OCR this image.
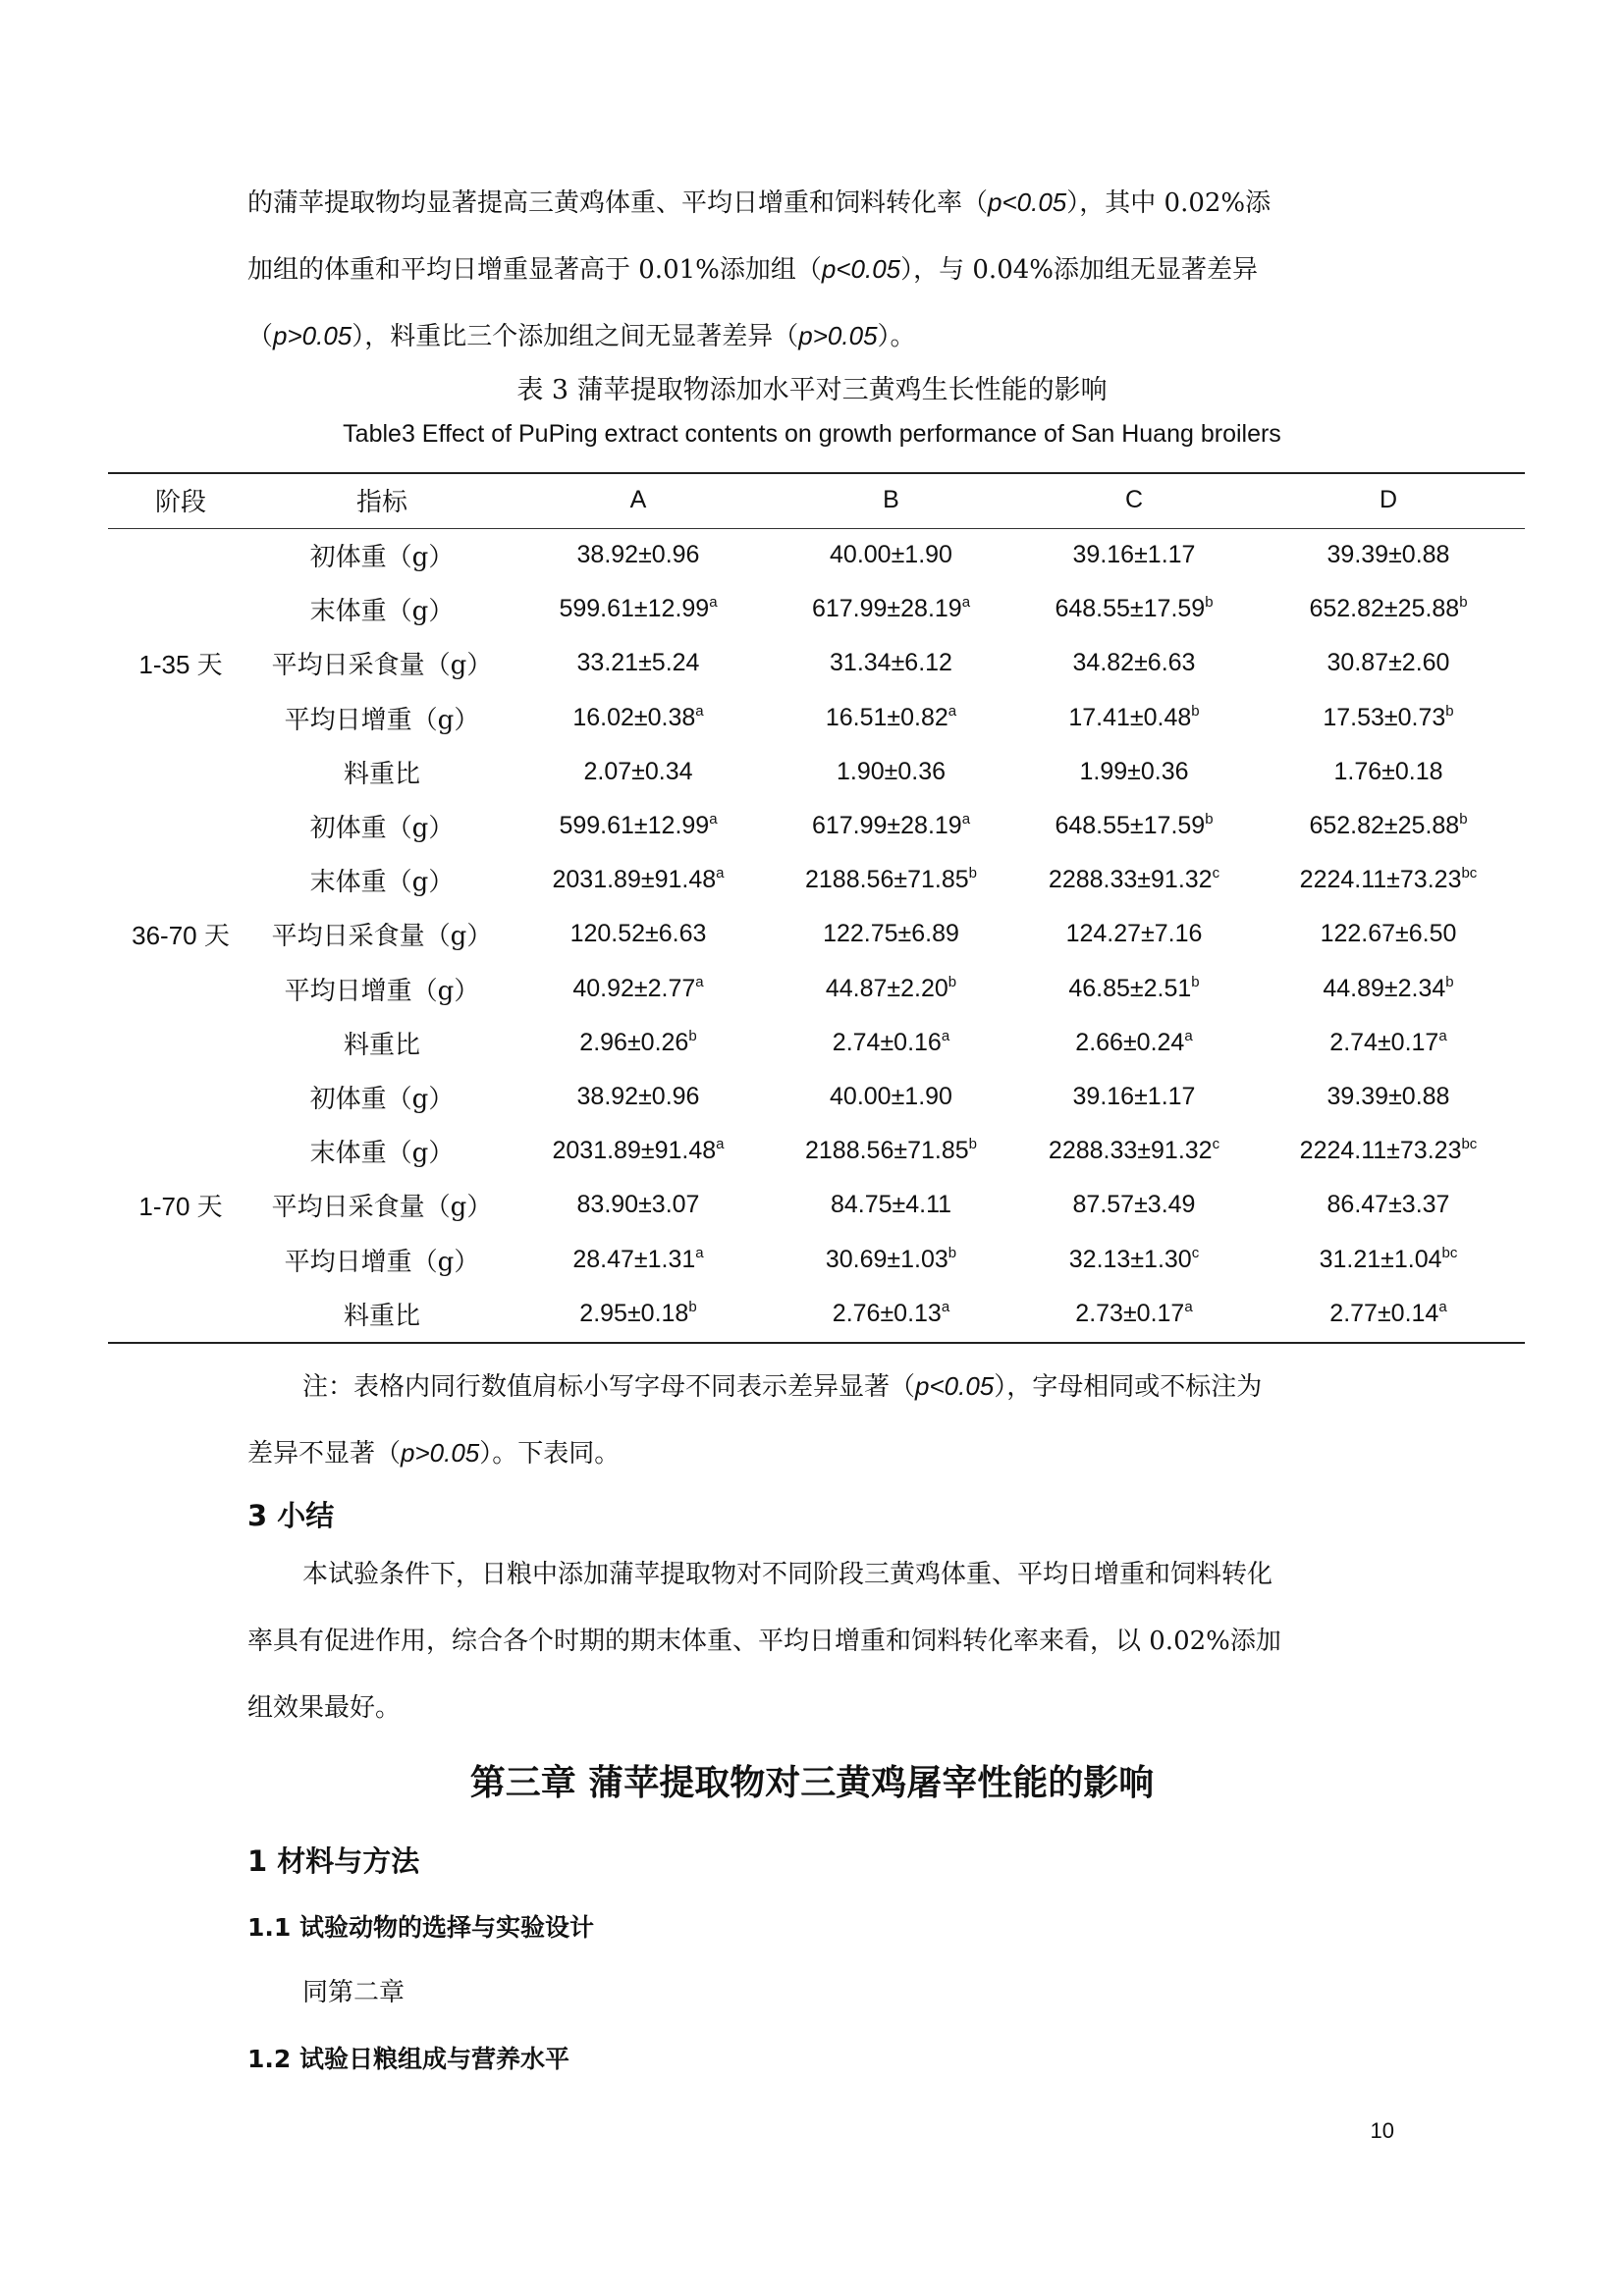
的蒲苹提取物均显著提高三黄鸡体重、平均日增重和饲料转化率（p<0.05），其中 0.02%添

加组的体重和平均日增重显著高于 0.01%添加组（p<0.05），与 0.04%添加组无显著差异

（p>0.05），料重比三个添加组之间无显著差异（p>0.05）。

表 3 蒲苹提取物添加水平对三黄鸡生长性能的影响
Table3 Effect of PuPing extract contents on growth performance of San Huang broilers
阶段	指标	A	B	C	D
1-35 天	初体重（g）	38.92±0.96	40.00±1.90	39.16±1.17	39.39±0.88
	末体重（g）	599.61±12.99$^a$	617.99±28.19$^a$	648.55±17.59$^b$	652.82±25.88$^b$
	平均日采食量（g）	33.21±5.24	31.34±6.12	34.82±6.63	30.87±2.60
	平均日增重（g）	16.02±0.38$^a$	16.51±0.82$^a$	17.41±0.48$^b$	17.53±0.73$^b$
	料重比	2.07±0.34	1.90±0.36	1.99±0.36	1.76±0.18
36-70 天	初体重（g）	599.61±12.99$^a$	617.99±28.19$^a$	648.55±17.59$^b$	652.82±25.88$^b$
	末体重（g）	2031.89±91.48$^a$	2188.56±71.85$^b$	2288.33±91.32$^c$	2224.11±73.23$^{bc}$
	平均日采食量（g）	120.52±6.63	122.75±6.89	124.27±7.16	122.67±6.50
	平均日增重（g）	40.92±2.77$^a$	44.87±2.20$^b$	46.85±2.51$^b$	44.89±2.34$^b$
	料重比	2.96±0.26$^b$	2.74±0.16$^a$	2.66±0.24$^a$	2.74±0.17$^a$
1-70 天	初体重（g）	38.92±0.96	40.00±1.90	39.16±1.17	39.39±0.88
	末体重（g）	2031.89±91.48$^a$	2188.56±71.85$^b$	2288.33±91.32$^c$	2224.11±73.23$^{bc}$
	平均日采食量（g）	83.90±3.07	84.75±4.11	87.57±3.49	86.47±3.37
	平均日增重（g）	28.47±1.31$^a$	30.69±1.03$^b$	32.13±1.30$^c$	31.21±1.04$^{bc}$
	料重比	2.95±0.18$^b$	2.76±0.13$^a$	2.73±0.17$^a$	2.77±0.14$^a$

注：表格内同行数值肩标小写字母不同表示差异显著（p<0.05），字母相同或不标注为

差异不显著（p>0.05）。下表同。

3 小结

本试验条件下，日粮中添加蒲苹提取物对不同阶段三黄鸡体重、平均日增重和饲料转化

率具有促进作用，综合各个时期的期末体重、平均日增重和饲料转化率来看，以 0.02%添加

组效果最好。

第三章 蒲苹提取物对三黄鸡屠宰性能的影响
1 材料与方法
1.1 试验动物的选择与实验设计

同第二章

1.2 试验日粮组成与营养水平
10
